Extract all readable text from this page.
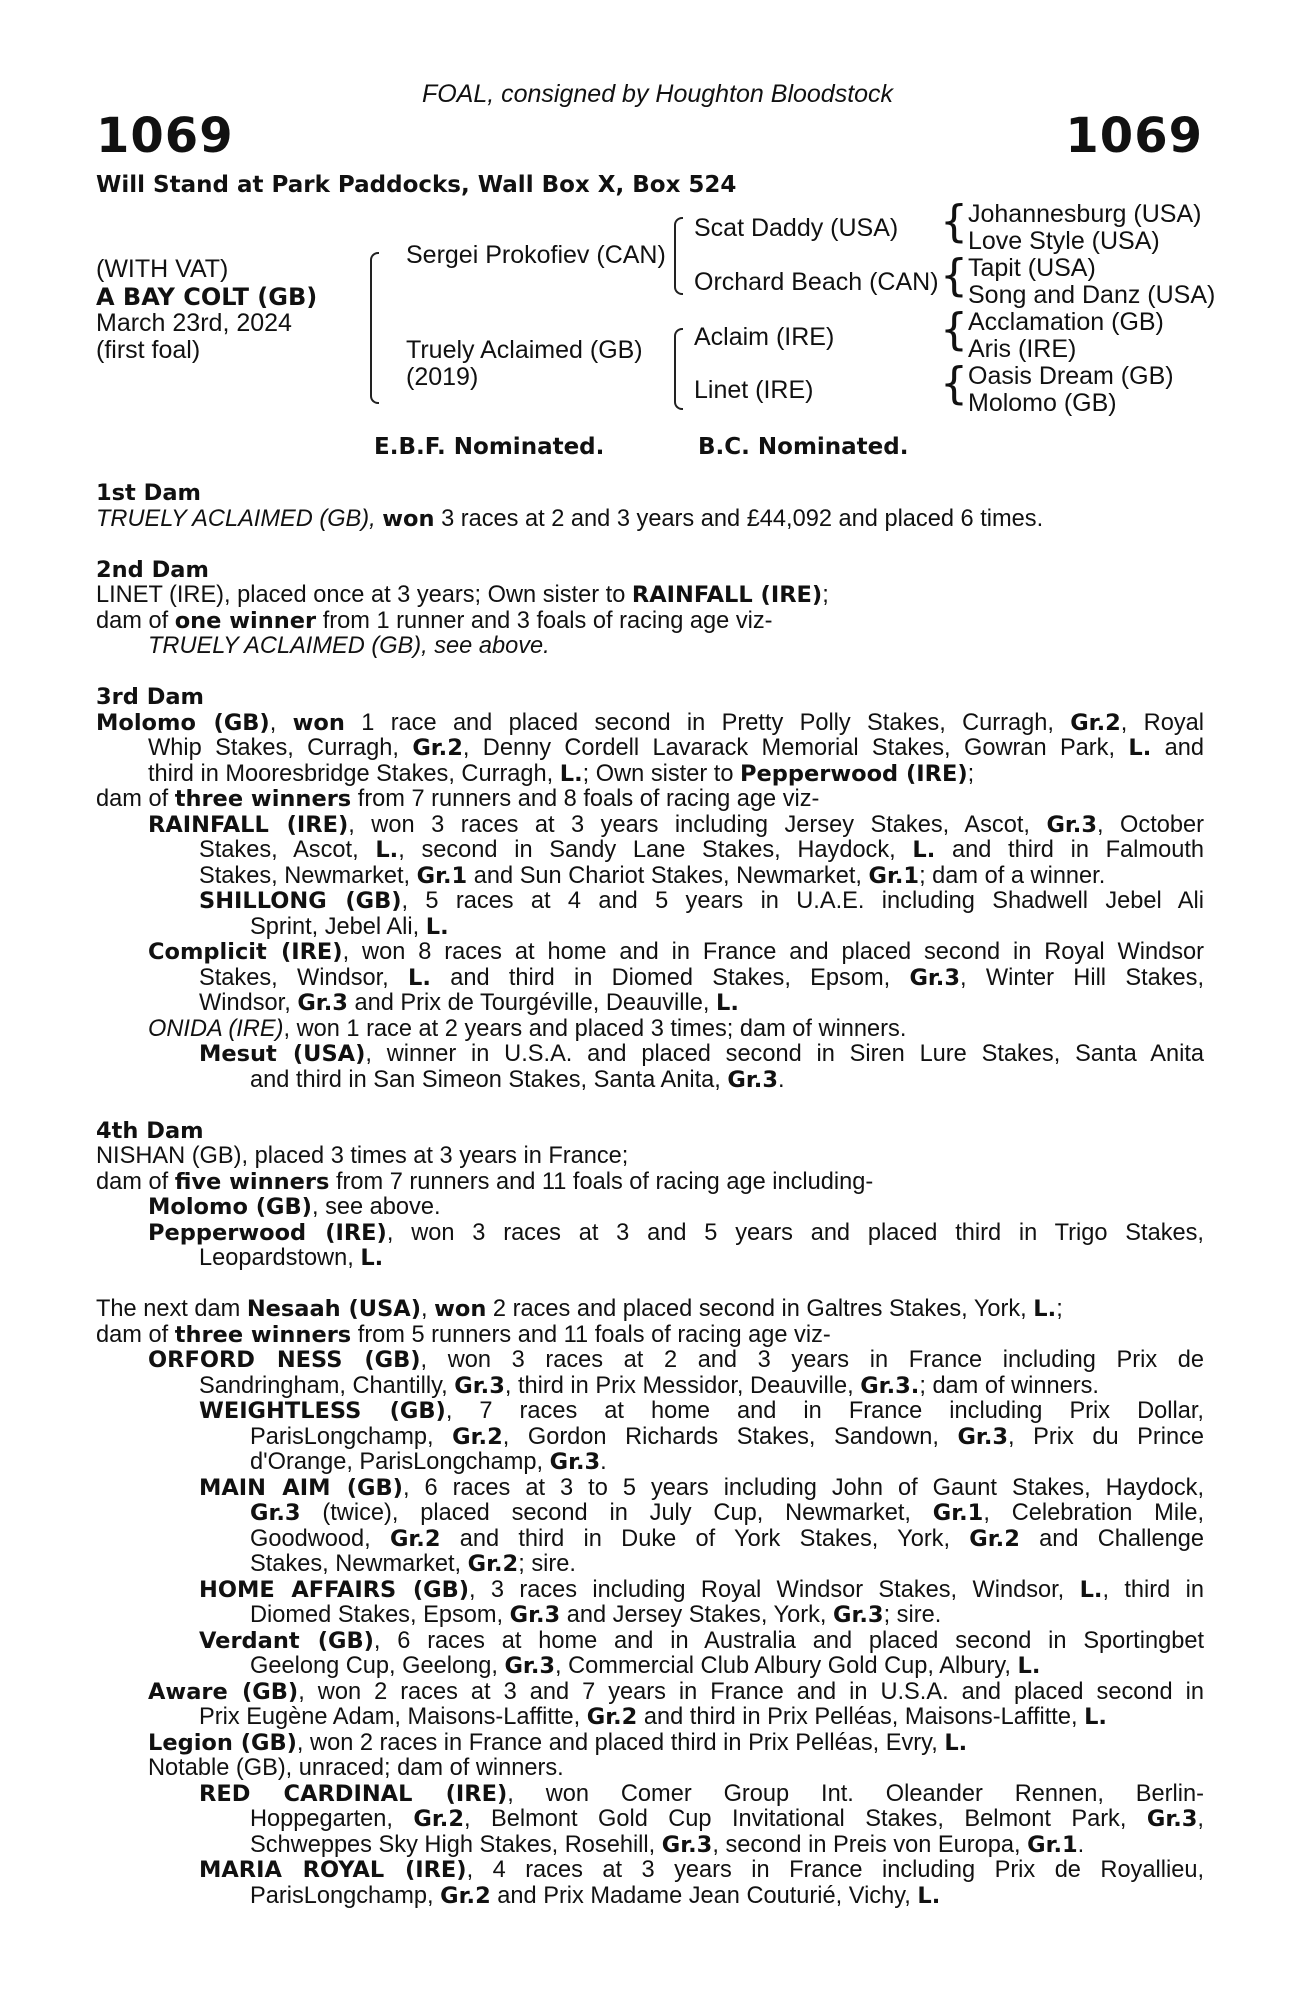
FOAL, consigned by Houghton Bloodstock
1069	1069
Will Stand at Park Paddocks, Wall Box X, Box 524
(WITH VAT)
A BAY COLT (GB)
March 23rd, 2024
(first foal)
Sergei Prokofiev (CAN)
Truely Aclaimed (GB)
(2019)
Scat Daddy (USA)
Orchard Beach (CAN)
Aclaim (IRE)
Linet (IRE)
{ Johannesburg (USA)
Love Style (USA)
{ Tapit (USA)
Song and Danz (USA)
{ Acclamation (GB)
Aris (IRE)
{ Oasis Dream (GB)
Molomo (GB)
E.B.F. Nominated.	B.C. Nominated.
1st Dam
TRUELY ACLAIMED (GB), won 3 races at 2 and 3 years and £44,092 and placed 6 times.
2nd Dam
LINET (IRE), placed once at 3 years; Own sister to RAINFALL (IRE);
dam of one winner from 1 runner and 3 foals of racing age viz-
TRUELY ACLAIMED (GB), see above.
3rd Dam
Molomo (GB), won 1 race and placed second in Pretty Polly Stakes, Curragh, Gr.2, Royal
Whip Stakes, Curragh, Gr.2, Denny Cordell Lavarack Memorial Stakes, Gowran Park, L. and
third in Mooresbridge Stakes, Curragh, L.; Own sister to Pepperwood (IRE);
dam of three winners from 7 runners and 8 foals of racing age viz-
RAINFALL (IRE), won 3 races at 3 years including Jersey Stakes, Ascot, Gr.3, October
Stakes, Ascot, L., second in Sandy Lane Stakes, Haydock, L. and third in Falmouth
Stakes, Newmarket, Gr.1 and Sun Chariot Stakes, Newmarket, Gr.1; dam of a winner.
SHILLONG (GB), 5 races at 4 and 5 years in U.A.E. including Shadwell Jebel Ali
Sprint, Jebel Ali, L.
Complicit (IRE), won 8 races at home and in France and placed second in Royal Windsor
Stakes, Windsor, L. and third in Diomed Stakes, Epsom, Gr.3, Winter Hill Stakes,
Windsor, Gr.3 and Prix de Tourgéville, Deauville, L.
ONIDA (IRE), won 1 race at 2 years and placed 3 times; dam of winners.
Mesut (USA), winner in U.S.A. and placed second in Siren Lure Stakes, Santa Anita
and third in San Simeon Stakes, Santa Anita, Gr.3.
4th Dam
NISHAN (GB), placed 3 times at 3 years in France;
dam of five winners from 7 runners and 11 foals of racing age including-
Molomo (GB), see above.
Pepperwood (IRE), won 3 races at 3 and 5 years and placed third in Trigo Stakes,
Leopardstown, L.
The next dam Nesaah (USA), won 2 races and placed second in Galtres Stakes, York, L.;
dam of three winners from 5 runners and 11 foals of racing age viz-
ORFORD NESS (GB), won 3 races at 2 and 3 years in France including Prix de
Sandringham, Chantilly, Gr.3, third in Prix Messidor, Deauville, Gr.3.; dam of winners.
WEIGHTLESS (GB), 7 races at home and in France including Prix Dollar,
ParisLongchamp, Gr.2, Gordon Richards Stakes, Sandown, Gr.3, Prix du Prince
d'Orange, ParisLongchamp, Gr.3.
MAIN AIM (GB), 6 races at 3 to 5 years including John of Gaunt Stakes, Haydock,
Gr.3 (twice), placed second in July Cup, Newmarket, Gr.1, Celebration Mile,
Goodwood, Gr.2 and third in Duke of York Stakes, York, Gr.2 and Challenge
Stakes, Newmarket, Gr.2; sire.
HOME AFFAIRS (GB), 3 races including Royal Windsor Stakes, Windsor, L., third in
Diomed Stakes, Epsom, Gr.3 and Jersey Stakes, York, Gr.3; sire.
Verdant (GB), 6 races at home and in Australia and placed second in Sportingbet
Geelong Cup, Geelong, Gr.3, Commercial Club Albury Gold Cup, Albury, L.
Aware (GB), won 2 races at 3 and 7 years in France and in U.S.A. and placed second in
Prix Eugène Adam, Maisons-Laffitte, Gr.2 and third in Prix Pelléas, Maisons-Laffitte, L.
Legion (GB), won 2 races in France and placed third in Prix Pelléas, Evry, L.
Notable (GB), unraced; dam of winners.
RED CARDINAL (IRE), won Comer Group Int. Oleander Rennen, Berlin-
Hoppegarten, Gr.2, Belmont Gold Cup Invitational Stakes, Belmont Park, Gr.3,
Schweppes Sky High Stakes, Rosehill, Gr.3, second in Preis von Europa, Gr.1.
MARIA ROYAL (IRE), 4 races at 3 years in France including Prix de Royallieu,
ParisLongchamp, Gr.2 and Prix Madame Jean Couturié, Vichy, L.
